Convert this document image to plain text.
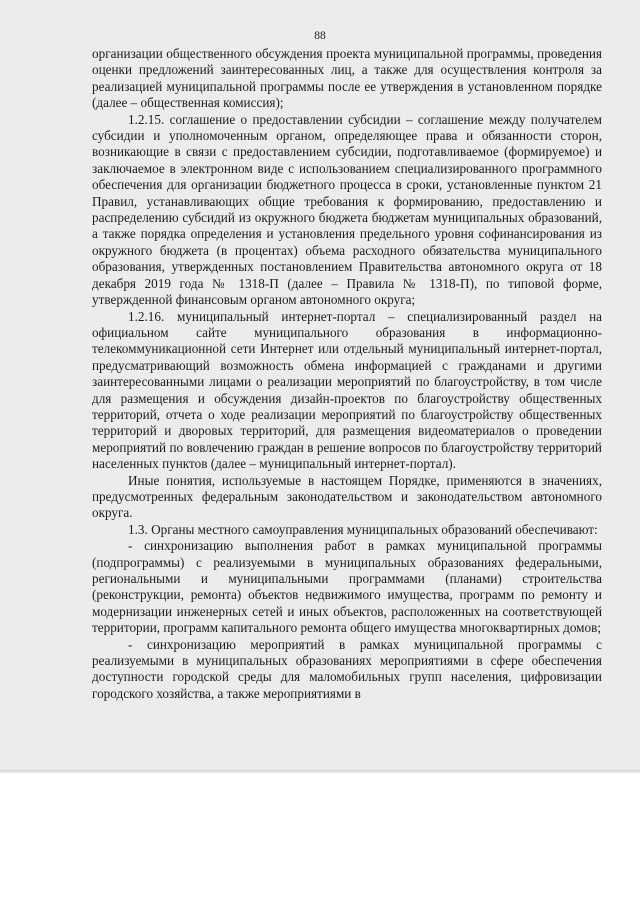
88

организации общественного обсуждения проекта муниципальной программы, проведения оценки предложений заинтересованных лиц, а также для осуществления контроля за реализацией муниципальной программы после ее утверждения в установленном порядке (далее – общественная комиссия);

1.2.15. соглашение о предоставлении субсидии – соглашение между получателем субсидии и уполномоченным органом, определяющее права и обязанности сторон, возникающие в связи с предоставлением субсидии, подготавливаемое (формируемое) и заключаемое в электронном виде с использованием специализированного программного обеспечения для организации бюджетного процесса в сроки, установленные пунктом 21 Правил, устанавливающих общие требования к формированию, предоставлению и распределению субсидий из окружного бюджета бюджетам муниципальных образований, а также порядка определения и установления предельного уровня софинансирования из окружного бюджета (в процентах) объема расходного обязательства муниципального образования, утвержденных постановлением Правительства автономного округа от 18 декабря 2019 года № 1318-П (далее – Правила № 1318-П), по типовой форме, утвержденной финансовым органом автономного округа;

1.2.16. муниципальный интернет-портал – специализированный раздел на официальном сайте муниципального образования в информационно-телекоммуникационной сети Интернет или отдельный муниципальный интернет-портал, предусматривающий возможность обмена информацией с гражданами и другими заинтересованными лицами о реализации мероприятий по благоустройству, в том числе для размещения и обсуждения дизайн-проектов по благоустройству общественных территорий, отчета о ходе реализации мероприятий по благоустройству общественных территорий и дворовых территорий, для размещения видеоматериалов о проведении мероприятий по вовлечению граждан в решение вопросов по благоустройству территорий населенных пунктов (далее – муниципальный интернет-портал).

Иные понятия, используемые в настоящем Порядке, применяются в значениях, предусмотренных федеральным законодательством и законодательством автономного округа.

1.3. Органы местного самоуправления муниципальных образований обеспечивают:

- синхронизацию выполнения работ в рамках муниципальной программы (подпрограммы) с реализуемыми в муниципальных образованиях федеральными, региональными и муниципальными программами (планами) строительства (реконструкции, ремонта) объектов недвижимого имущества, программ по ремонту и модернизации инженерных сетей и иных объектов, расположенных на соответствующей территории, программ капитального ремонта общего имущества многоквартирных домов;

- синхронизацию мероприятий в рамках муниципальной программы с реализуемыми в муниципальных образованиях мероприятиями в сфере обеспечения доступности городской среды для маломобильных групп населения, цифровизации городского хозяйства, а также мероприятиями в
